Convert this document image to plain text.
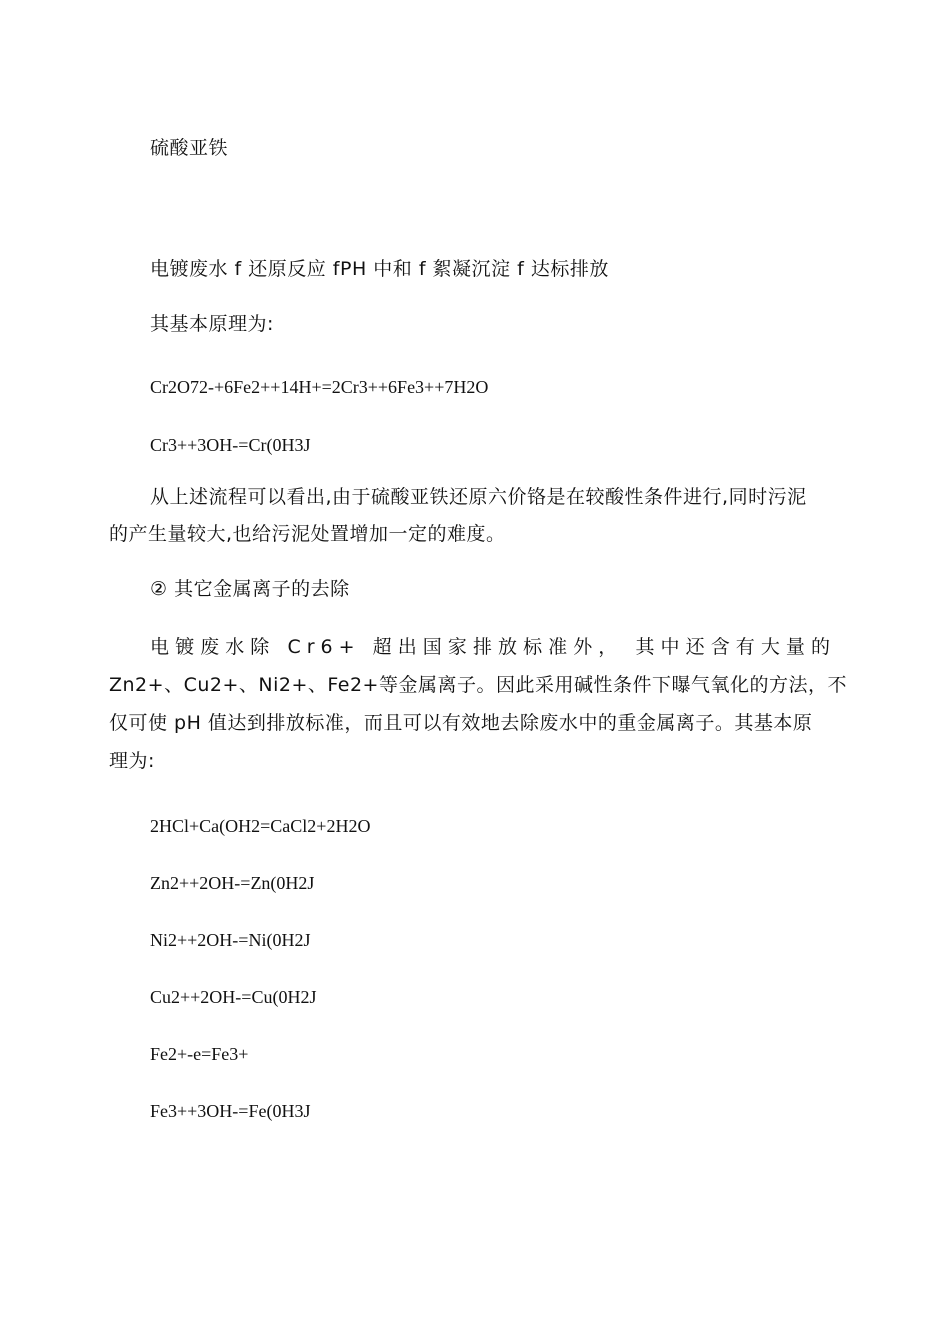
硫酸亚铁
电镀废水 f 还原反应 fPH 中和 f 絮凝沉淀 f 达标排放
其基本原理为:
Cr2O72-+6Fe2++14H+=2Cr3++6Fe3++7H2O
Cr3++3OH-=Cr(0H3J
从上述流程可以看出,由于硫酸亚铁还原六价铬是在较酸性条件进行,同时污泥
的产生量较大,也给污泥处置增加一定的难度。
② 其它金属离子的去除
电镀废水除 Cr6+ 超出国家排放标准外， 其中还含有大量的
Zn2+、Cu2+、Ni2+、Fe2+等金属离子。因此采用碱性条件下曝气氧化的方法，不
仅可使 pH 值达到排放标准，而且可以有效地去除废水中的重金属离子。其基本原
理为:
2HCl+Ca(OH2=CaCl2+2H2O
Zn2++2OH-=Zn(0H2J
Ni2++2OH-=Ni(0H2J
Cu2++2OH-=Cu(0H2J
Fe2+-e=Fe3+
Fe3++3OH-=Fe(0H3J
